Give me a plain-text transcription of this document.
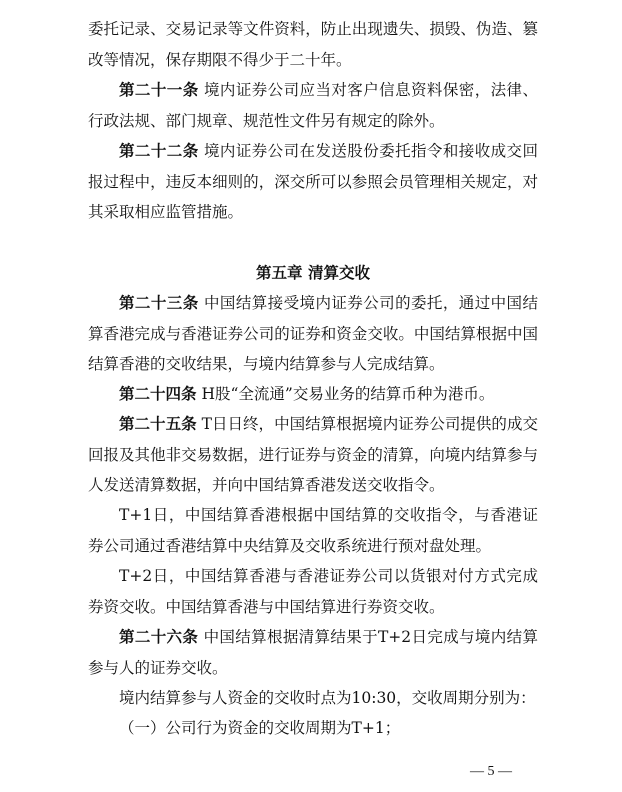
委托记录、交易记录等文件资料，防止出现遗失、损毁、伪造、篡改等情况，保存期限不得少于二十年。

第二十一条 境内证券公司应当对客户信息资料保密，法律、行政法规、部门规章、规范性文件另有规定的除外。

第二十二条 境内证券公司在发送股份委托指令和接收成交回报过程中，违反本细则的，深交所可以参照会员管理相关规定，对其采取相应监管措施。

第五章 清算交收

第二十三条 中国结算接受境内证券公司的委托，通过中国结算香港完成与香港证券公司的证券和资金交收。中国结算根据中国结算香港的交收结果，与境内结算参与人完成结算。

第二十四条 H股“全流通”交易业务的结算币种为港币。

第二十五条 T日日终，中国结算根据境内证券公司提供的成交回报及其他非交易数据，进行证券与资金的清算，向境内结算参与人发送清算数据，并向中国结算香港发送交收指令。

T+1日，中国结算香港根据中国结算的交收指令，与香港证券公司通过香港结算中央结算及交收系统进行预对盘处理。

T+2日，中国结算香港与香港证券公司以货银对付方式完成券资交收。中国结算香港与中国结算进行券资交收。

第二十六条 中国结算根据清算结果于T+2日完成与境内结算参与人的证券交收。

境内结算参与人资金的交收时点为10:30，交收周期分别为：

（一）公司行为资金的交收周期为T+1；

— 5 —
